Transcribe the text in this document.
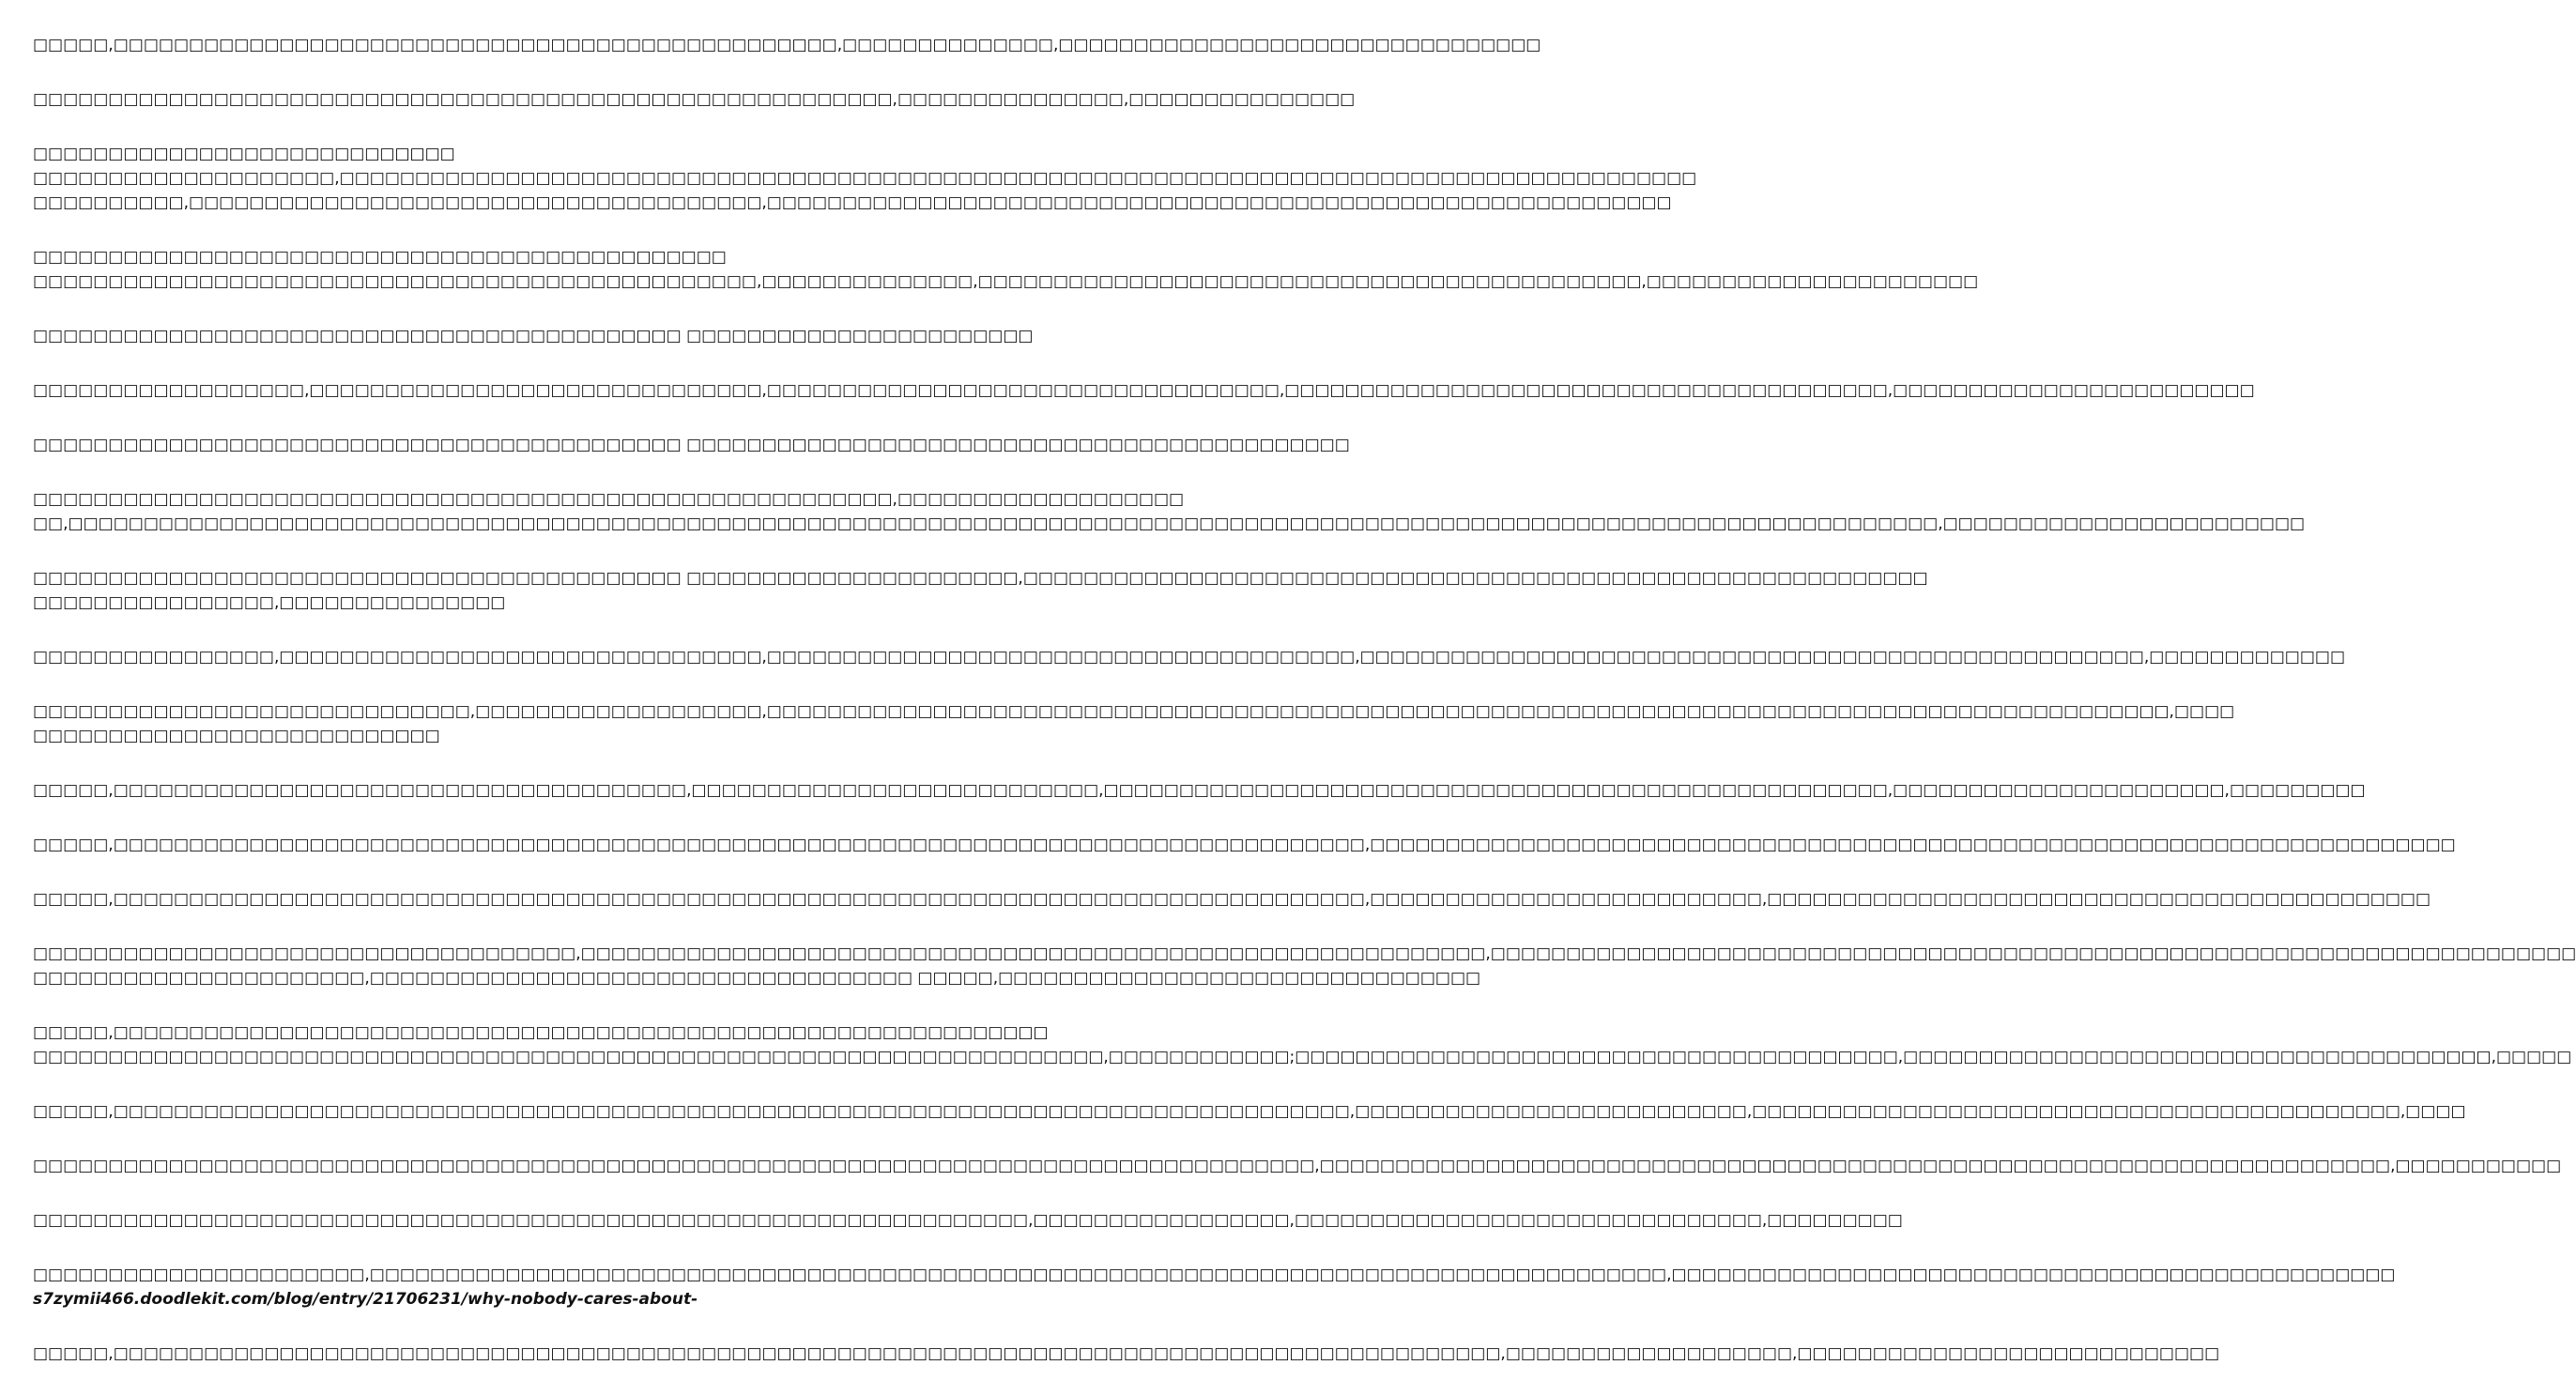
□□□□□,□□□□□□□□□□□□□□□□□□□□□□□□□□□□□□□□□□□□□□□□□□□□□□□□,□□□□□□□□□□□□□□,□□□□□□□□□□□□□□□□□□□□□□□□□□□□□□□□
□□□□□□□□□□□□□□□□□□□□□□□□□□□□□□□□□□□□□□□□□□□□□□□□□□□□□□□□□,□□□□□□□□□□□□□□□,□□□□□□□□□□□□□□□
□□□□□□□□□□□□□□□□□□□□□□□□□□□□
□□□□□□□□□□□□□□□□□□□□,□□□□□□□□□□□□□□□□□□□□□□□□□□□□□□□□□□□□□□□□□□□□□□□□□□□□□□□□□□□□□□□□□□□□□□□□□□□□□□□□□□□□□□□□□□
□□□□□□□□□□,□□□□□□□□□□□□□□□□□□□□□□□□□□□□□□□□□□□□□□,□□□□□□□□□□□□□□□□□□□□□□□□□□□□□□□□□□□□□□□□□□□□□□□□□□□□□□□□□□□□
□□□□□□□□□□□□□□□□□□□□□□□□□□□□□□□□□□□□□□□□□□□□□□
□□□□□□□□□□□□□□□□□□□□□□□□□□□□□□□□□□□□□□□□□□□□□□□□,□□□□□□□□□□□□□□,□□□□□□□□□□□□□□□□□□□□□□□□□□□□□□□□□□□□□□□□□□□□,□□□□□□□□□□□□□□□□□□□□□□
□□□□□□□□□□□□□□□□□□□□□□□□□□□□□□□□□□□□□□□□□□□ □□□□□□□□□□□□□□□□□□□□□□□
□□□□□□□□□□□□□□□□□□,□□□□□□□□□□□□□□□□□□□□□□□□□□□□□□,□□□□□□□□□□□□□□□□□□□□□□□□□□□□□□□□□□,□□□□□□□□□□□□□□□□□□□□□□□□□□□□□□□□□□□□□□□□,□□□□□□□□□□□□□□□□□□□□□□□□
□□□□□□□□□□□□□□□□□□□□□□□□□□□□□□□□□□□□□□□□□□□ □□□□□□□□□□□□□□□□□□□□□□□□□□□□□□□□□□□□□□□□□□□□
□□□□□□□□□□□□□□□□□□□□□□□□□□□□□□□□□□□□□□□□□□□□□□□□□□□□□□□□□,□□□□□□□□□□□□□□□□□□□
□□,□□□□□□□□□□□□□□□□□□□□□□□□□□□□□□□□□□□□□□□□□□□□□□□□□□□□□□□□□□□□□□□□□□□□□□□□□□□□□□□□□□□□□□□□□□□□□□□□□□□□□□□□□□□□□□□□□□□□□□□□□□□□,□□□□□□□□□□□□□□□□□□□□□□□□
□□□□□□□□□□□□□□□□□□□□□□□□□□□□□□□□□□□□□□□□□□□ □□□□□□□□□□□□□□□□□□□□□□,□□□□□□□□□□□□□□□□□□□□□□□□□□□□□□□□□□□□□□□□□□□□□□□□□□□□□□□□□□□□
□□□□□□□□□□□□□□□□,□□□□□□□□□□□□□□□
□□□□□□□□□□□□□□□□,□□□□□□□□□□□□□□□□□□□□□□□□□□□□□□□□,□□□□□□□□□□□□□□□□□□□□□□□□□□□□□□□□□□□□□□□,□□□□□□□□□□□□□□□□□□□□□□□□□□□□□□□□□□□□□□□□□□□□□□□□□□□□,□□□□□□□□□□□□□
□□□□□□□□□□□□□□□□□□□□□□□□□□□□□,□□□□□□□□□□□□□□□□□□□,□□□□□□□□□□□□□□□□□□□□□□□□□□□□□□□□□□□□□□□□□□□□□□□□□□□□□□□□□□□□□□□□□□□□□□□□□□□□□□□□□□□□□□□□□□□□□,□□□□
□□□□□□□□□□□□□□□□□□□□□□□□□□□
□□□□□,□□□□□□□□□□□□□□□□□□□□□□□□□□□□□□□□□□□□□□,□□□□□□□□□□□□□□□□□□□□□□□□□□□,□□□□□□□□□□□□□□□□□□□□□□□□□□□□□□□□□□□□□□□□□□□□□□□□□□□□,□□□□□□□□□□□□□□□□□□□□□□,□□□□□□□□□
□□□□□,□□□□□□□□□□□□□□□□□□□□□□□□□□□□□□□□□□□□□□□□□□□□□□□□□□□□□□□□□□□□□□□□□□□□□□□□□□□□□□□□□□□,□□□□□□□□□□□□□□□□□□□□□□□□□□□□□□□□□□□□□□□□□□□□□□□□□□□□□□□□□□□□□□□□□□□□□□□□
□□□□□,□□□□□□□□□□□□□□□□□□□□□□□□□□□□□□□□□□□□□□□□□□□□□□□□□□□□□□□□□□□□□□□□□□□□□□□□□□□□□□□□□□□,□□□□□□□□□□□□□□□□□□□□□□□□□□,□□□□□□□□□□□□□□□□□□□□□□□□□□□□□□□□□□□□□□□□□□□□
□□□□□□□□□□□□□□□□□□□□□□□□□□□□□□□□□□□□,□□□□□□□□□□□□□□□□□□□□□□□□□□□□□□□□□□□□□□□□□□□□□□□□□□□□□□□□□□□□,□□□□□□□□□□□□□□□□□□□□□□□□□□□□□□□□□□□□□□□□□□□□□□□□□□□□□□□□□□□□□□□□□□□□□□□□
□□□□□□□□□□□□□□□□□□□□□□,□□□□□□□□□□□□□□□□□□□□□□□□□□□□□□□□□□□□ □□□□□,□□□□□□□□□□□□□□□□□□□□□□□□□□□□□□□□
□□□□□,□□□□□□□□□□□□□□□□□□□□□□□□□□□□□□□□□□□□□□□□□□□□□□□□□□□□□□□□□□□□□□
□□□□□□□□□□□□□□□□□□□□□□□□□□□□□□□□□□□□□□□□□□□□□□□□□□□□□□□□□□□□□□□□□□□□□□□,□□□□□□□□□□□□;□□□□□□□□□□□□□□□□□□□□□□□□□□□□□□□□□□□□□□□□,□□□□□□□□□□□□□□□□□□□□□□□□□□□□□□□□□□□□□□□,□□□□□
□□□□□,□□□□□□□□□□□□□□□□□□□□□□□□□□□□□□□□□□□□□□□□□□□□□□□□□□□□□□□□□□□□□□□□□□□□□□□□□□□□□□□□□□,□□□□□□□□□□□□□□□□□□□□□□□□□□,□□□□□□□□□□□□□□□□□□□□□□□□□□□□□□□□□□□□□□□□□□□,□□□□
□□□□□□□□□□□□□□□□□□□□□□□□□□□□□□□□□□□□□□□□□□□□□□□□□□□□□□□□□□□□□□□□□□□□□□□□□□□□□□□□□□□□□,□□□□□□□□□□□□□□□□□□□□□□□□□□□□□□□□□□□□□□□□□□□□□□□□□□□□□□□□□□□□□□□□□□□□□□□,□□□□□□□□□□□
□□□□□□□□□□□□□□□□□□□□□□□□□□□□□□□□□□□□□□□□□□□□□□□□□□□□□□□□□□□□□□□□□□,□□□□□□□□□□□□□□□□□,□□□□□□□□□□□□□□□□□□□□□□□□□□□□□□□,□□□□□□□□□
□□□□□□□□□□□□□□□□□□□□□□,□□□□□□□□□□□□□□□□□□□□□□□□□□□□□□□□□□□□□□□□□□□□□□□□□□□□□□□□□□□□□□□□□□□□□□□□□□□□□□□□□□□□□□,□□□□□□□□□□□□□□□□□□□□□□□□□□□□□□□□□□□□□□□□□□□□□□□□
s7zymii466.doodlekit.com/blog/entry/21706231/why-nobody-cares-about-
□□□□□,□□□□□□□□□□□□□□□□□□□□□□□□□□□□□□□□□□□□□□□□□□□□□□□□□□□□□□□□□□□□□□□□□□□□□□□□□□□□□□□□□□□□□□□□□□□□,□□□□□□□□□□□□□□□□□□□,□□□□□□□□□□□□□□□□□□□□□□□□□□□□
